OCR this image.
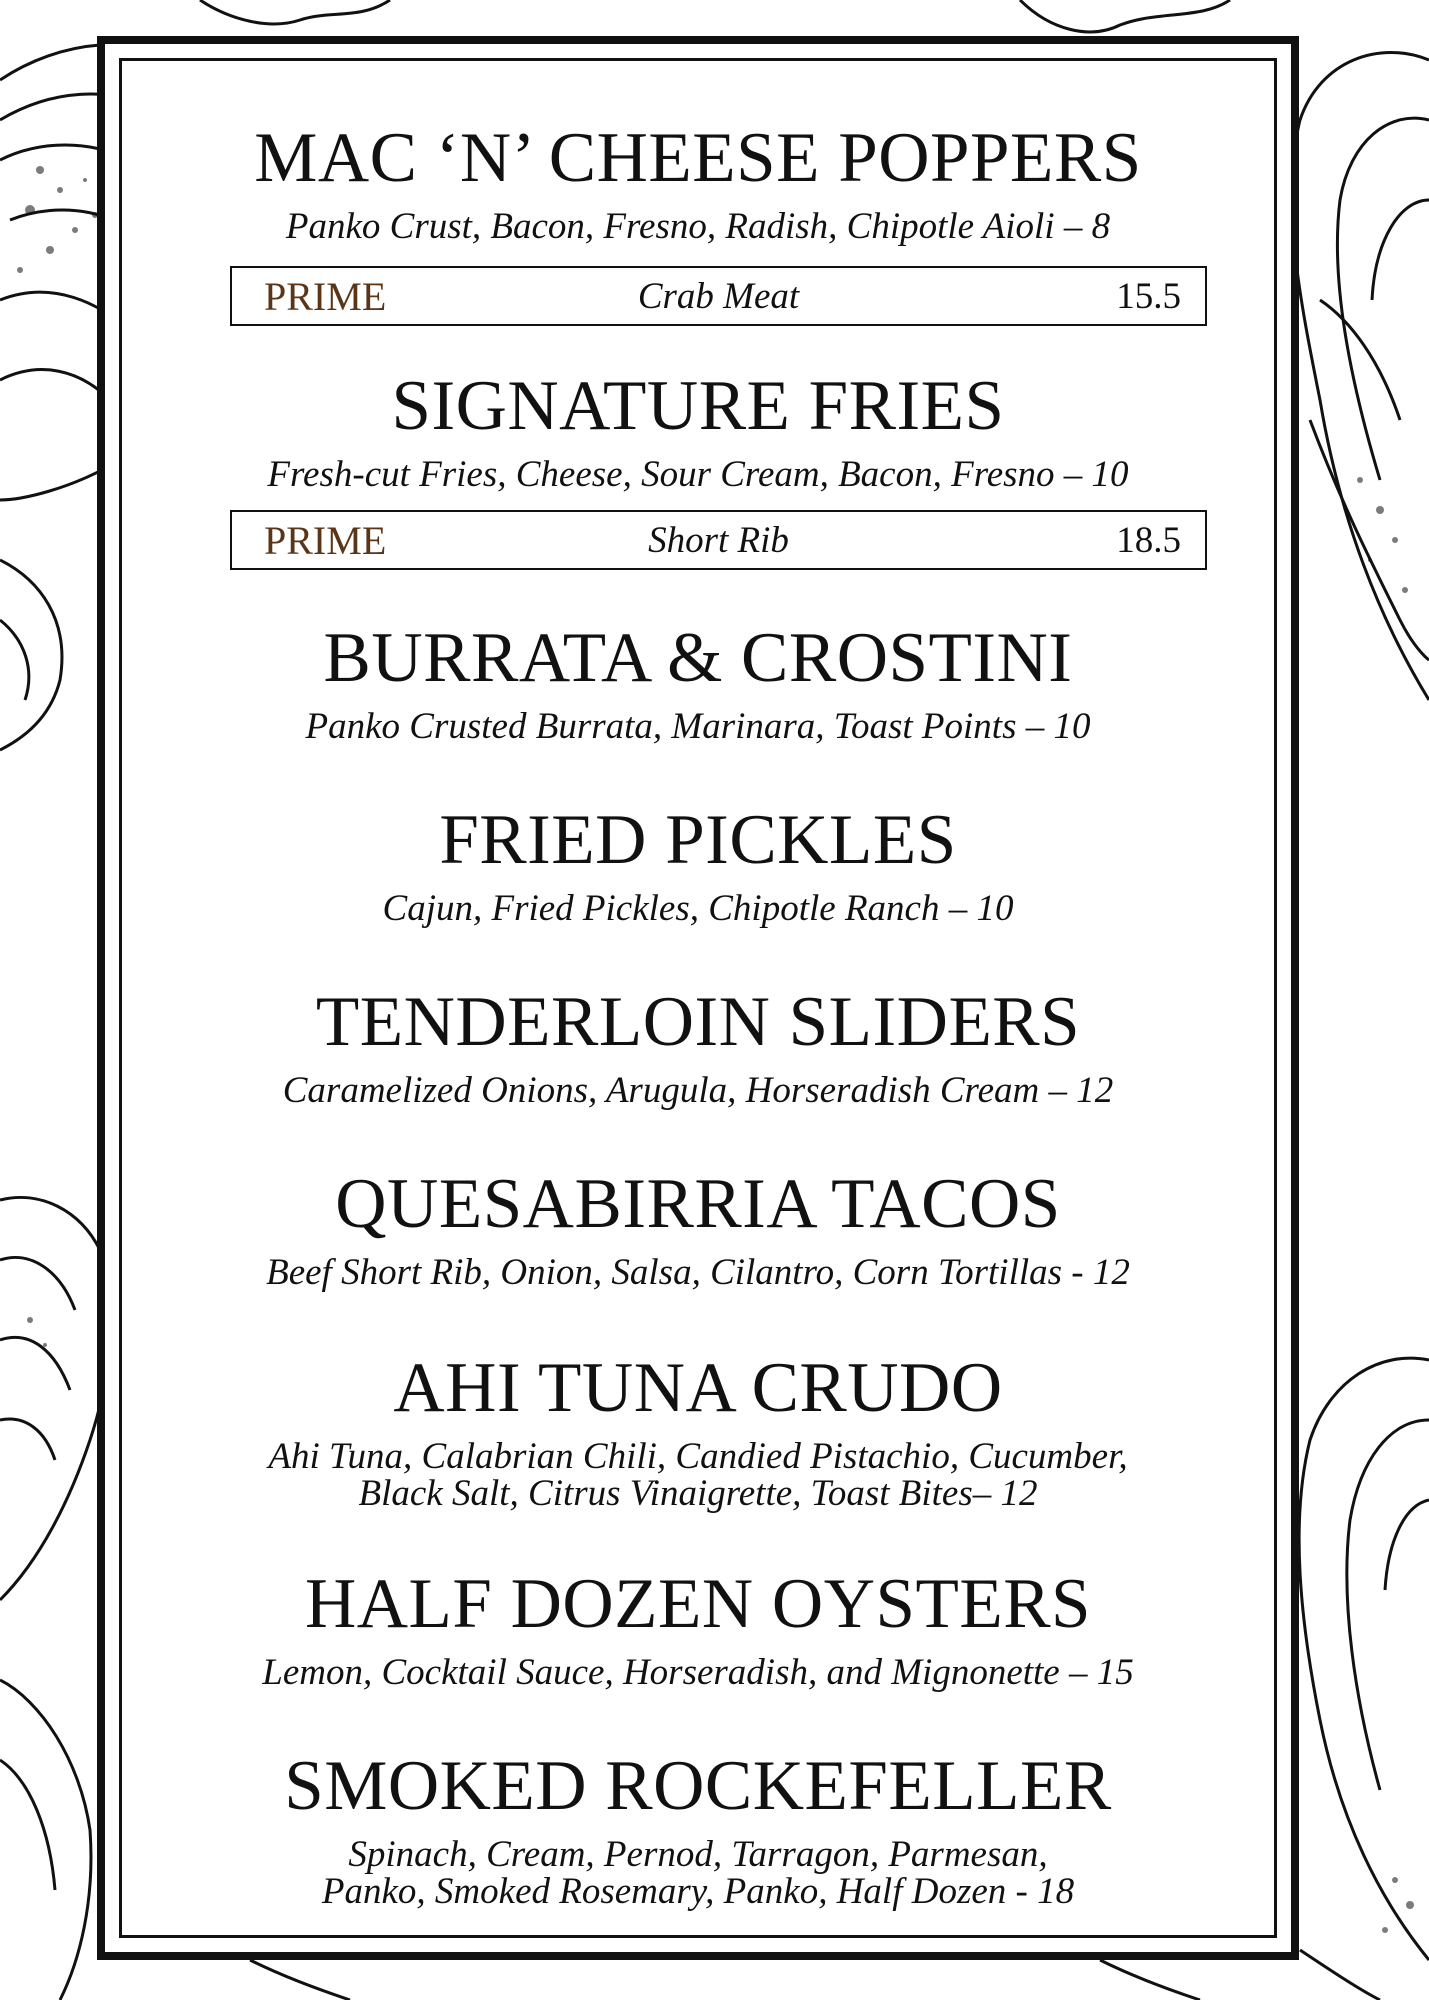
MAC ‘N’ CHEESE POPPERS
Panko Crust, Bacon, Fresno, Radish, Chipotle Aioli – 8
PRIME	Crab Meat	15.5
SIGNATURE FRIES
Fresh-cut Fries, Cheese, Sour Cream, Bacon, Fresno – 10
PRIME	Short Rib	18.5
BURRATA & CROSTINI
Panko Crusted Burrata, Marinara, Toast Points – 10
FRIED PICKLES
Cajun, Fried Pickles, Chipotle Ranch – 10
TENDERLOIN SLIDERS
Caramelized Onions, Arugula, Horseradish Cream – 12
QUESABIRRIA TACOS
Beef Short Rib, Onion, Salsa, Cilantro, Corn Tortillas - 12
AHI TUNA CRUDO
Ahi Tuna, Calabrian Chili, Candied Pistachio, Cucumber,
Black Salt, Citrus Vinaigrette, Toast Bites– 12
HALF DOZEN OYSTERS
Lemon, Cocktail Sauce, Horseradish, and Mignonette – 15
SMOKED ROCKEFELLER
Spinach, Cream, Pernod, Tarragon, Parmesan,
Panko, Smoked Rosemary, Panko, Half Dozen - 18
